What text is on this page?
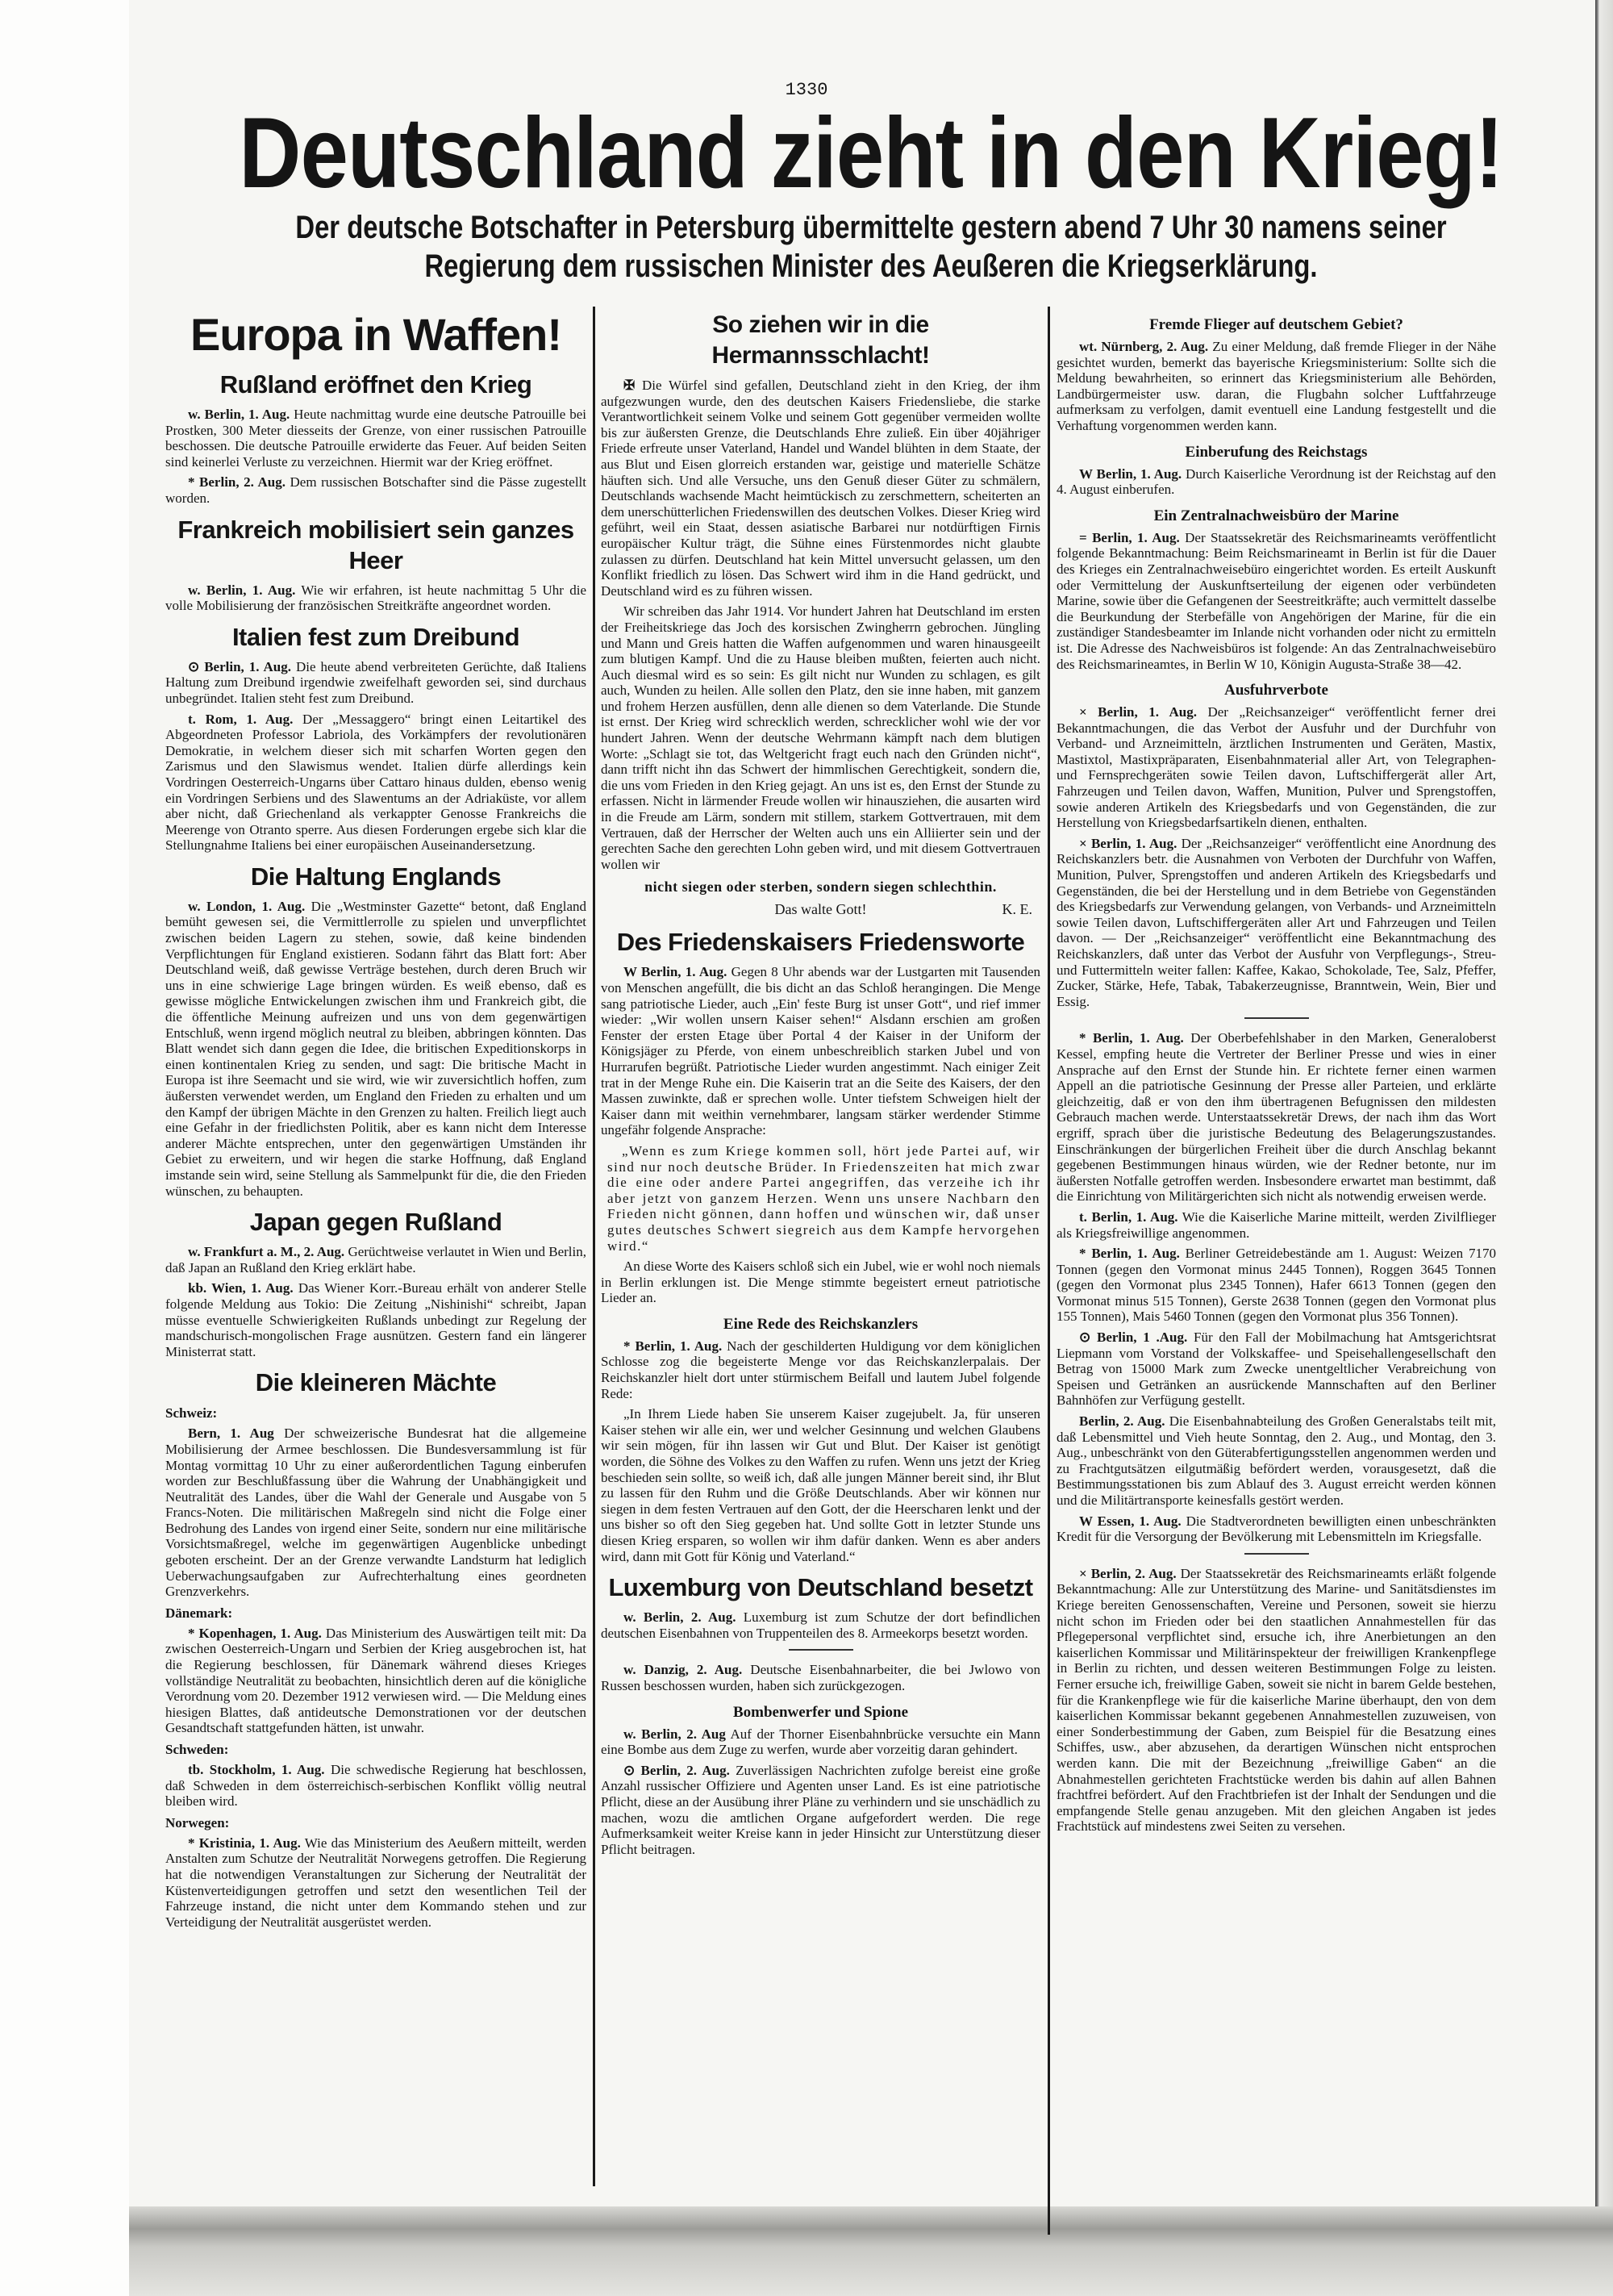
1330
Deutschland zieht in den Krieg!
Der deutsche Botschafter in Petersburg übermittelte gestern abend 7 Uhr 30 namens seiner
Regierung dem russischen Minister des Aeußeren die Kriegserklärung.
Europa in Waffen!
Rußland eröffnet den Krieg

w. Berlin, 1. Aug. Heute nachmittag wurde eine deutsche Patrouille bei Prostken, 300 Meter diesseits der Grenze, von einer russischen Patrouille beschossen. Die deutsche Patrouille erwiderte das Feuer. Auf beiden Seiten sind keinerlei Verluste zu verzeichnen. Hiermit war der Krieg eröffnet.

* Berlin, 2. Aug. Dem russischen Botschafter sind die Pässe zugestellt worden.

Frankreich mobilisiert sein ganzes Heer

w. Berlin, 1. Aug. Wie wir erfahren, ist heute nachmittag 5 Uhr die volle Mobilisierung der französischen Streitkräfte angeordnet worden.

Italien fest zum Dreibund

⊙ Berlin, 1. Aug. Die heute abend verbreiteten Gerüchte, daß Italiens Haltung zum Dreibund irgendwie zweifelhaft geworden sei, sind durchaus unbegründet. Italien steht fest zum Dreibund.

t. Rom, 1. Aug. Der „Messaggero“ bringt einen Leitartikel des Abgeordneten Professor Labriola, des Vorkämpfers der revolutionären Demokratie, in welchem dieser sich mit scharfen Worten gegen den Zarismus und den Slawismus wendet. Italien dürfe allerdings kein Vordringen Oesterreich-Ungarns über Cattaro hinaus dulden, ebenso wenig ein Vordringen Serbiens und des Slawentums an der Adriaküste, vor allem aber nicht, daß Griechenland als verkappter Genosse Frankreichs die Meerenge von Otranto sperre. Aus diesen Forderungen ergebe sich klar die Stellungnahme Italiens bei einer europäischen Auseinandersetzung.

Die Haltung Englands

w. London, 1. Aug. Die „Westminster Gazette“ betont, daß England bemüht gewesen sei, die Vermittlerrolle zu spielen und unverpflichtet zwischen beiden Lagern zu stehen, sowie, daß keine bindenden Verpflichtungen für England existieren. Sodann fährt das Blatt fort: Aber Deutschland weiß, daß gewisse Verträge bestehen, durch deren Bruch wir uns in eine schwierige Lage bringen würden. Es weiß ebenso, daß es gewisse mögliche Entwickelungen zwischen ihm und Frankreich gibt, die die öffentliche Meinung aufreizen und uns von dem gegenwärtigen Entschluß, wenn irgend möglich neutral zu bleiben, abbringen könnten. Das Blatt wendet sich dann gegen die Idee, die britischen Expeditionskorps in einen kontinentalen Krieg zu senden, und sagt: Die britische Macht in Europa ist ihre Seemacht und sie wird, wie wir zuversichtlich hoffen, zum äußersten verwendet werden, um England den Frieden zu erhalten und um den Kampf der übrigen Mächte in den Grenzen zu halten. Freilich liegt auch eine Gefahr in der friedlichsten Politik, aber es kann nicht dem Interesse anderer Mächte entsprechen, unter den gegenwärtigen Umständen ihr Gebiet zu erweitern, und wir hegen die starke Hoffnung, daß England imstande sein wird, seine Stellung als Sammelpunkt für die, die den Frieden wünschen, zu behaupten.

Japan gegen Rußland

w. Frankfurt a. M., 2. Aug. Gerüchtweise verlautet in Wien und Berlin, daß Japan an Rußland den Krieg erklärt habe.

kb. Wien, 1. Aug. Das Wiener Korr.-Bureau erhält von anderer Stelle folgende Meldung aus Tokio: Die Zeitung „Nishinishi“ schreibt, Japan müsse eventuelle Schwierigkeiten Rußlands unbedingt zur Regelung der mandschurisch-mongolischen Frage ausnützen. Gestern fand ein längerer Ministerrat statt.

Die kleineren Mächte
Schweiz:

Bern, 1. Aug Der schweizerische Bundesrat hat die allgemeine Mobilisierung der Armee beschlossen. Die Bundesversammlung ist für Montag vormittag 10 Uhr zu einer außerordentlichen Tagung einberufen worden zur Beschlußfassung über die Wahrung der Unabhängigkeit und Neutralität des Landes, über die Wahl der Generale und Ausgabe von 5 Francs-Noten. Die militärischen Maßregeln sind nicht die Folge einer Bedrohung des Landes von irgend einer Seite, sondern nur eine militärische Vorsichtsmaßregel, welche im gegenwärtigen Augenblicke unbedingt geboten erscheint. Der an der Grenze verwandte Landsturm hat lediglich Ueberwachungsaufgaben zur Aufrechterhaltung eines geordneten Grenzverkehrs.

Dänemark:

* Kopenhagen, 1. Aug. Das Ministerium des Auswärtigen teilt mit: Da zwischen Oesterreich-Ungarn und Serbien der Krieg ausgebrochen ist, hat die Regierung beschlossen, für Dänemark während dieses Krieges vollständige Neutralität zu beobachten, hinsichtlich deren auf die königliche Verordnung vom 20. Dezember 1912 verwiesen wird. — Die Meldung eines hiesigen Blattes, daß antideutsche Demonstrationen vor der deutschen Gesandtschaft stattgefunden hätten, ist unwahr.

Schweden:

tb. Stockholm, 1. Aug. Die schwedische Regierung hat beschlossen, daß Schweden in dem österreichisch-serbischen Konflikt völlig neutral bleiben wird.

Norwegen:

* Kristinia, 1. Aug. Wie das Ministerium des Aeußern mitteilt, werden Anstalten zum Schutze der Neutralität Norwegens getroffen. Die Regierung hat die notwendigen Veranstaltungen zur Sicherung der Neutralität der Küstenverteidigungen getroffen und setzt den wesentlichen Teil der Fahrzeuge instand, die nicht unter dem Kommando stehen und zur Verteidigung der Neutralität ausgerüstet werden.

So ziehen wir in die Hermannsschlacht!

✠ Die Würfel sind gefallen, Deutschland zieht in den Krieg, der ihm aufgezwungen wurde, den des deutschen Kaisers Friedensliebe, die starke Verantwortlichkeit seinem Volke und seinem Gott gegenüber vermeiden wollte bis zur äußersten Grenze, die Deutschlands Ehre zuließ. Ein über 40jähriger Friede erfreute unser Vaterland, Handel und Wandel blühten in dem Staate, der aus Blut und Eisen glorreich erstanden war, geistige und materielle Schätze häuften sich. Und alle Versuche, uns den Genuß dieser Güter zu schmälern, Deutschlands wachsende Macht heimtückisch zu zerschmettern, scheiterten an dem unerschütterlichen Friedenswillen des deutschen Volkes. Dieser Krieg wird geführt, weil ein Staat, dessen asiatische Barbarei nur notdürftigen Firnis europäischer Kultur trägt, die Sühne eines Fürstenmordes nicht glaubte zulassen zu dürfen. Deutschland hat kein Mittel unversucht gelassen, um den Konflikt friedlich zu lösen. Das Schwert wird ihm in die Hand gedrückt, und Deutschland wird es zu führen wissen.

Wir schreiben das Jahr 1914. Vor hundert Jahren hat Deutschland im ersten der Freiheitskriege das Joch des korsischen Zwingherrn gebrochen. Jüngling und Mann und Greis hatten die Waffen aufgenommen und waren hinausgeeilt zum blutigen Kampf. Und die zu Hause bleiben mußten, feierten auch nicht. Auch diesmal wird es so sein: Es gilt nicht nur Wunden zu schlagen, es gilt auch, Wunden zu heilen. Alle sollen den Platz, den sie inne haben, mit ganzem und frohem Herzen ausfüllen, denn alle dienen so dem Vaterlande. Die Stunde ist ernst. Der Krieg wird schrecklich werden, schrecklicher wohl wie der vor hundert Jahren. Wenn der deutsche Wehrmann kämpft nach dem blutigen Worte: „Schlagt sie tot, das Weltgericht fragt euch nach den Gründen nicht“, dann trifft nicht ihn das Schwert der himmlischen Gerechtigkeit, sondern die, die uns vom Frieden in den Krieg gejagt. An uns ist es, den Ernst der Stunde zu erfassen. Nicht in lärmender Freude wollen wir hinausziehen, die ausarten wird in die Freude am Lärm, sondern mit stillem, starkem Gottvertrauen, mit dem Vertrauen, daß der Herrscher der Welten auch uns ein Alliierter sein und der gerechten Sache den gerechten Lohn geben wird, und mit diesem Gottvertrauen wollen wir

nicht siegen oder sterben, sondern siegen schlechthin.
Das walte Gott!	K. E.
Des Friedenskaisers Friedensworte

W Berlin, 1. Aug. Gegen 8 Uhr abends war der Lustgarten mit Tausenden von Menschen angefüllt, die bis dicht an das Schloß herangingen. Die Menge sang patriotische Lieder, auch „Ein' feste Burg ist unser Gott“, und rief immer wieder: „Wir wollen unsern Kaiser sehen!“ Alsdann erschien am großen Fenster der ersten Etage über Portal 4 der Kaiser in der Uniform der Königsjäger zu Pferde, von einem unbeschreiblich starken Jubel und von Hurrarufen begrüßt. Patriotische Lieder wurden angestimmt. Nach einiger Zeit trat in der Menge Ruhe ein. Die Kaiserin trat an die Seite des Kaisers, der den Massen zuwinkte, daß er sprechen wolle. Unter tiefstem Schweigen hielt der Kaiser dann mit weithin vernehmbarer, langsam stärker werdender Stimme ungefähr folgende Ansprache:

„Wenn es zum Kriege kommen soll, hört jede Partei auf, wir sind nur noch deutsche Brüder. In Friedenszeiten hat mich zwar die eine oder andere Partei angegriffen, das verzeihe ich ihr aber jetzt von ganzem Herzen. Wenn uns unsere Nachbarn den Frieden nicht gönnen, dann hoffen und wünschen wir, daß unser gutes deutsches Schwert siegreich aus dem Kampfe hervorgehen wird.“

An diese Worte des Kaisers schloß sich ein Jubel, wie er wohl noch niemals in Berlin erklungen ist. Die Menge stimmte begeistert erneut patriotische Lieder an.

Eine Rede des Reichskanzlers

* Berlin, 1. Aug. Nach der geschilderten Huldigung vor dem königlichen Schlosse zog die begeisterte Menge vor das Reichskanzlerpalais. Der Reichskanzler hielt dort unter stürmischem Beifall und lautem Jubel folgende Rede:

„In Ihrem Liede haben Sie unserem Kaiser zugejubelt. Ja, für unseren Kaiser stehen wir alle ein, wer und welcher Gesinnung und welchen Glaubens wir sein mögen, für ihn lassen wir Gut und Blut. Der Kaiser ist genötigt worden, die Söhne des Volkes zu den Waffen zu rufen. Wenn uns jetzt der Krieg beschieden sein sollte, so weiß ich, daß alle jungen Männer bereit sind, ihr Blut zu lassen für den Ruhm und die Größe Deutschlands. Aber wir können nur siegen in dem festen Vertrauen auf den Gott, der die Heerscharen lenkt und der uns bisher so oft den Sieg gegeben hat. Und sollte Gott in letzter Stunde uns diesen Krieg ersparen, so wollen wir ihm dafür danken. Wenn es aber anders wird, dann mit Gott für König und Vaterland.“

Luxemburg von Deutschland besetzt

w. Berlin, 2. Aug. Luxemburg ist zum Schutze der dort befindlichen deutschen Eisenbahnen von Truppenteilen des 8. Armeekorps besetzt worden.

w. Danzig, 2. Aug. Deutsche Eisenbahnarbeiter, die bei Jwlowo von Russen beschossen wurden, haben sich zurückgezogen.

Bombenwerfer und Spione

w. Berlin, 2. Aug Auf der Thorner Eisenbahnbrücke versuchte ein Mann eine Bombe aus dem Zuge zu werfen, wurde aber vorzeitig daran gehindert.

⊙ Berlin, 2. Aug. Zuverlässigen Nachrichten zufolge bereist eine große Anzahl russischer Offiziere und Agenten unser Land. Es ist eine patriotische Pflicht, diese an der Ausübung ihrer Pläne zu verhindern und sie unschädlich zu machen, wozu die amtlichen Organe aufgefordert werden. Die rege Aufmerksamkeit weiter Kreise kann in jeder Hinsicht zur Unterstützung dieser Pflicht beitragen.

Fremde Flieger auf deutschem Gebiet?

wt. Nürnberg, 2. Aug. Zu einer Meldung, daß fremde Flieger in der Nähe gesichtet wurden, bemerkt das bayerische Kriegsministerium: Sollte sich die Meldung bewahrheiten, so erinnert das Kriegsministerium alle Behörden, Landbürgermeister usw. daran, die Flugbahn solcher Luftfahrzeuge aufmerksam zu verfolgen, damit eventuell eine Landung festgestellt und die Verhaftung vorgenommen werden kann.

Einberufung des Reichstags

W Berlin, 1. Aug. Durch Kaiserliche Verordnung ist der Reichstag auf den 4. August einberufen.

Ein Zentralnachweisbüro der Marine

= Berlin, 1. Aug. Der Staatssekretär des Reichsmarineamts veröffentlicht folgende Bekanntmachung: Beim Reichsmarineamt in Berlin ist für die Dauer des Krieges ein Zentralnachweisebüro eingerichtet worden. Es erteilt Auskunft oder Vermittelung der Auskunftserteilung der eigenen oder verbündeten Marine, sowie über die Gefangenen der Seestreitkräfte; auch vermittelt dasselbe die Beurkundung der Sterbefälle von Angehörigen der Marine, für die ein zuständiger Standesbeamter im Inlande nicht vorhanden oder nicht zu ermitteln ist. Die Adresse des Nachweisbüros ist folgende: An das Zentralnachweisebüro des Reichsmarineamtes, in Berlin W 10, Königin Augusta-Straße 38—42.

Ausfuhrverbote

× Berlin, 1. Aug. Der „Reichsanzeiger“ veröffentlicht ferner drei Bekanntmachungen, die das Verbot der Ausfuhr und der Durchfuhr von Verband- und Arzneimitteln, ärztlichen Instrumenten und Geräten, Mastix, Mastixtol, Mastixpräparaten, Eisenbahnmaterial aller Art, von Telegraphen- und Fernsprechgeräten sowie Teilen davon, Luftschiffergerät aller Art, Fahrzeugen und Teilen davon, Waffen, Munition, Pulver und Sprengstoffen, sowie anderen Artikeln des Kriegsbedarfs und von Gegenständen, die zur Herstellung von Kriegsbedarfsartikeln dienen, enthalten.

× Berlin, 1. Aug. Der „Reichsanzeiger“ veröffentlicht eine Anordnung des Reichskanzlers betr. die Ausnahmen von Verboten der Durchfuhr von Waffen, Munition, Pulver, Sprengstoffen und anderen Artikeln des Kriegsbedarfs und Gegenständen, die bei der Herstellung und in dem Betriebe von Gegenständen des Kriegsbedarfs zur Verwendung gelangen, von Verbands- und Arzneimitteln sowie Teilen davon, Luftschiffergeräten aller Art und Fahrzeugen und Teilen davon. — Der „Reichsanzeiger“ veröffentlicht eine Bekanntmachung des Reichskanzlers, daß unter das Verbot der Ausfuhr von Verpflegungs-, Streu- und Futtermitteln weiter fallen: Kaffee, Kakao, Schokolade, Tee, Salz, Pfeffer, Zucker, Stärke, Hefe, Tabak, Tabakerzeugnisse, Branntwein, Wein, Bier und Essig.

* Berlin, 1. Aug. Der Oberbefehlshaber in den Marken, Generaloberst Kessel, empfing heute die Vertreter der Berliner Presse und wies in einer Ansprache auf den Ernst der Stunde hin. Er richtete ferner einen warmen Appell an die patriotische Gesinnung der Presse aller Parteien, und erklärte gleichzeitig, daß er von den ihm übertragenen Befugnissen den mildesten Gebrauch machen werde. Unterstaatssekretär Drews, der nach ihm das Wort ergriff, sprach über die juristische Bedeutung des Belagerungszustandes. Einschränkungen der bürgerlichen Freiheit über die durch Anschlag bekannt gegebenen Bestimmungen hinaus würden, wie der Redner betonte, nur im äußersten Notfalle getroffen werden. Insbesondere erwartet man bestimmt, daß die Einrichtung von Militärgerichten sich nicht als notwendig erweisen werde.

t. Berlin, 1. Aug. Wie die Kaiserliche Marine mitteilt, werden Zivilflieger als Kriegsfreiwillige angenommen.

* Berlin, 1. Aug. Berliner Getreidebestände am 1. August: Weizen 7170 Tonnen (gegen den Vormonat minus 2445 Tonnen), Roggen 3645 Tonnen (gegen den Vormonat plus 2345 Tonnen), Hafer 6613 Tonnen (gegen den Vormonat minus 515 Tonnen), Gerste 2638 Tonnen (gegen den Vormonat plus 155 Tonnen), Mais 5460 Tonnen (gegen den Vormonat plus 356 Tonnen).

⊙ Berlin, 1 .Aug. Für den Fall der Mobilmachung hat Amtsgerichtsrat Liepmann vom Vorstand der Volkskaffee- und Speisehallengesellschaft den Betrag von 15000 Mark zum Zwecke unentgeltlicher Verabreichung von Speisen und Getränken an ausrückende Mannschaften auf den Berliner Bahnhöfen zur Verfügung gestellt.

Berlin, 2. Aug. Die Eisenbahnabteilung des Großen Generalstabs teilt mit, daß Lebensmittel und Vieh heute Sonntag, den 2. Aug., und Montag, den 3. Aug., unbeschränkt von den Güterabfertigungsstellen angenommen werden und zu Frachtgutsätzen eilgutmäßig befördert werden, vorausgesetzt, daß die Bestimmungsstationen bis zum Ablauf des 3. August erreicht werden können und die Militärtransporte keinesfalls gestört werden.

W Essen, 1. Aug. Die Stadtverordneten bewilligten einen unbeschränkten Kredit für die Versorgung der Bevölkerung mit Lebensmitteln im Kriegsfalle.

× Berlin, 2. Aug. Der Staatssekretär des Reichsmarineamts erläßt folgende Bekanntmachung: Alle zur Unterstützung des Marine- und Sanitätsdienstes im Kriege bereiten Genossenschaften, Vereine und Personen, soweit sie hierzu nicht schon im Frieden oder bei den staatlichen Annahmestellen für das Pflegepersonal verpflichtet sind, ersuche ich, ihre Anerbietungen an den kaiserlichen Kommissar und Militärinspekteur der freiwilligen Krankenpflege in Berlin zu richten, und dessen weiteren Bestimmungen Folge zu leisten. Ferner ersuche ich, freiwillige Gaben, soweit sie nicht in barem Gelde bestehen, für die Krankenpflege wie für die kaiserliche Marine überhaupt, den von dem kaiserlichen Kommissar bekannt gegebenen Annahmestellen zuzuweisen, von einer Sonderbestimmung der Gaben, zum Beispiel für die Besatzung eines Schiffes, usw., aber abzusehen, da derartigen Wünschen nicht entsprochen werden kann. Die mit der Bezeichnung „freiwillige Gaben“ an die Abnahmestellen gerichteten Frachtstücke werden bis dahin auf allen Bahnen frachtfrei befördert. Auf den Frachtbriefen ist der Inhalt der Sendungen und die empfangende Stelle genau anzugeben. Mit den gleichen Angaben ist jedes Frachtstück auf mindestens zwei Seiten zu versehen.
